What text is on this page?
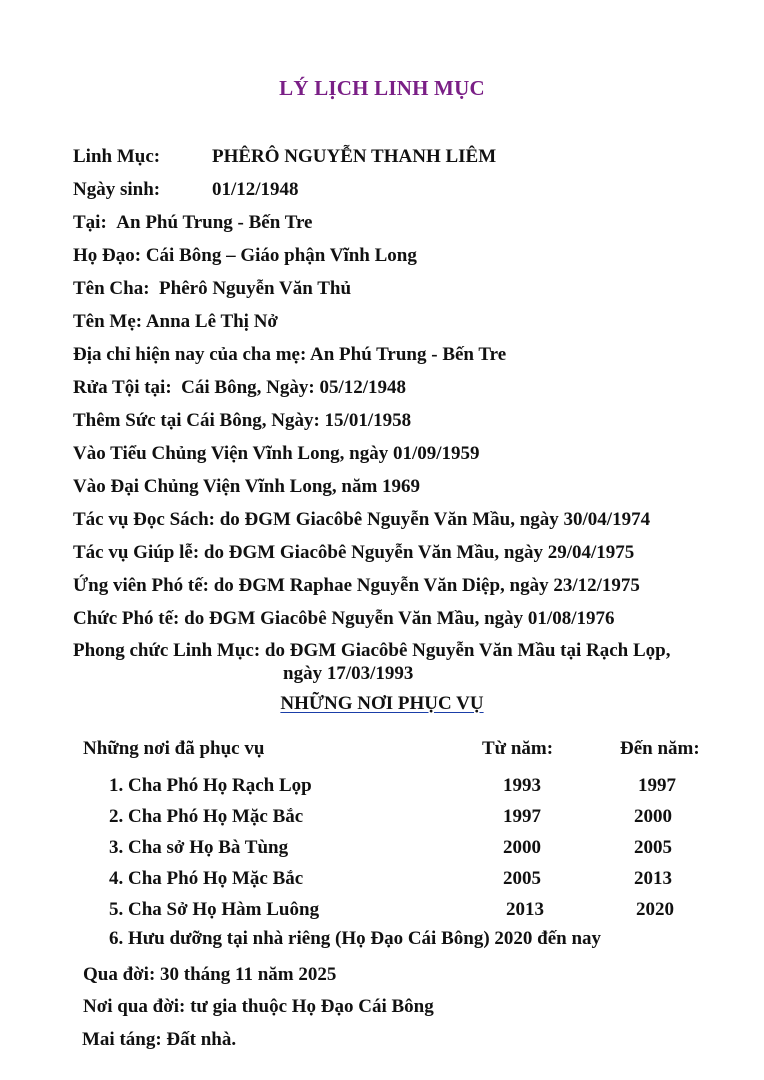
LÝ LỊCH LINH MỤC
Linh Mục:	PHÊRÔ NGUYỄN THANH LIÊM
Ngày sinh:	01/12/1948
Tại: An Phú Trung - Bến Tre
Họ Đạo: Cái Bông – Giáo phận Vĩnh Long
Tên Cha: Phêrô Nguyễn Văn Thủ
Tên Mẹ: Anna Lê Thị Nở
Địa chỉ hiện nay của cha mẹ: An Phú Trung - Bến Tre
Rửa Tội tại: Cái Bông, Ngày: 05/12/1948
Thêm Sức tại Cái Bông, Ngày: 15/01/1958
Vào Tiểu Chủng Viện Vĩnh Long, ngày 01/09/1959
Vào Đại Chủng Viện Vĩnh Long, năm 1969
Tác vụ Đọc Sách: do ĐGM Giacôbê Nguyễn Văn Mầu, ngày 30/04/1974
Tác vụ Giúp lễ: do ĐGM Giacôbê Nguyễn Văn Mầu, ngày 29/04/1975
Ứng viên Phó tế: do ĐGM Raphae Nguyễn Văn Diệp, ngày 23/12/1975
Chức Phó tế: do ĐGM Giacôbê Nguyễn Văn Mầu, ngày 01/08/1976
Phong chức Linh Mục: do ĐGM Giacôbê Nguyễn Văn Mầu tại Rạch Lọp,
ngày 17/03/1993
NHỮNG NƠI PHỤC VỤ
Những nơi đã phục vụ	Từ năm:	Đến năm:
1. Cha Phó Họ Rạch Lọp	1993	1997
2. Cha Phó Họ Mặc Bắc	1997	2000
3. Cha sở Họ Bà Tùng	2000	2005
4. Cha Phó Họ Mặc Bắc	2005	2013
5. Cha Sở Họ Hàm Luông	2013	2020
6. Hưu dưỡng tại nhà riêng (Họ Đạo Cái Bông) 2020 đến nay
Qua đời: 30 tháng 11 năm 2025
Nơi qua đời: tư gia thuộc Họ Đạo Cái Bông
Mai táng: Đất nhà.
